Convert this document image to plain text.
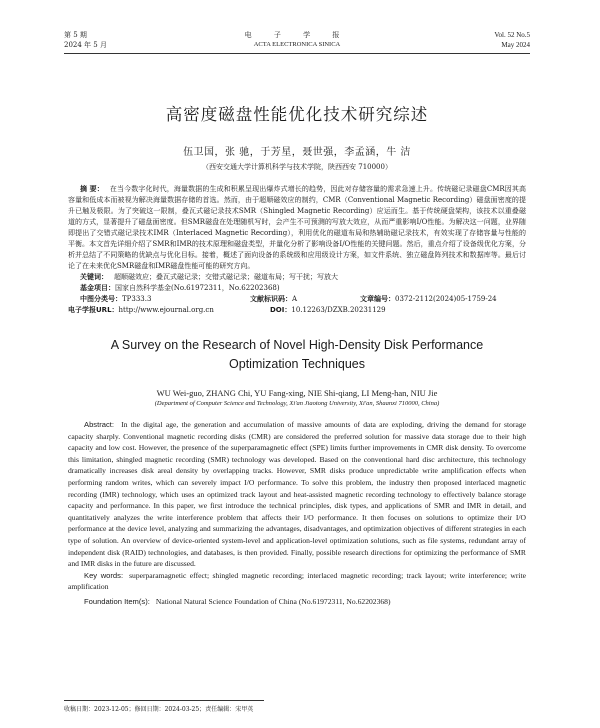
第 5 期
2024 年 5 月
电 子 学 报
ACTA ELECTRONICA SINICA
Vol. 52 No.5
May 2024
高密度磁盘性能优化技术研究综述
伍卫国，张 驰，于芳星，聂世强，李孟涵，牛 洁
（西安交通大学计算机科学与技术学院，陕西西安 710000）
摘 要： 在当今数字化时代，海量数据的生成和积累呈现出爆炸式增长的趋势，因此对存储容量的需求急速上升。传统磁记录磁盘CMR因其高容量和低成本而被视为解决海量数据存储的首选。然而，由于超顺磁效应的制约，CMR（Conventional Magnetic Recording）磁盘面密度的提升已触及极限。为了突破这一限制，叠瓦式磁记录技术SMR（Shingled Magnetic Recording）应运而生。基于传统硬盘架构，该技术以重叠磁道的方式，显著提升了磁盘面密度。但SMR磁盘在处理随机写时，会产生不可预测的写放大效应，从而严重影响I/O性能。为解决这一问题，业界随即提出了交错式磁记录技术IMR（Interlaced Magnetic Recording），利用优化的磁道布局和热辅助磁记录技术，有效实现了存储容量与性能的平衡。本文首先详细介绍了SMR和IMR的技术原理和磁盘类型，并量化分析了影响设备I/O性能的关键问题。然后，重点介绍了设备级优化方案，分析并总结了不同策略的优缺点与优化目标。接着，概述了面向设备的系统级和应用级设计方案，如文件系统、独立磁盘阵列技术和数据库等。最后讨论了在未来优化SMR磁盘和IMR磁盘性能可能的研究方向。
关键词： 超顺磁效应；叠瓦式磁记录；交错式磁记录；磁道布局；写干扰；写放大
基金项目：国家自然科学基金(No.61972311，No.62202368)
中图分类号：TP333.3	文献标识码：A	文章编号：0372-2112(2024)05-1759-24
电子学报URL：http://www.ejournal.org.cn	DOI：10.12263/DZXB.20231129
A Survey on the Research of Novel High-Density Disk Performance Optimization Techniques
WU Wei-guo, ZHANG Chi, YU Fang-xing, NIE Shi-qiang, LI Meng-han, NIU Jie
(Department of Computer Science and Technology, Xi'an Jiaotong University, Xi'an, Shaanxi 710000, China)
Abstract: In the digital age, the generation and accumulation of massive amounts of data are exploding, driving the demand for storage capacity sharply. Conventional magnetic recording disks (CMR) are considered the preferred solution for massive data storage due to their high capacity and low cost. However, the presence of the superparamagnetic effect (SPE) limits further improvements in CMR disk density. To overcome this limitation, shingled magnetic recording (SMR) technology was developed. Based on the conventional hard disc architecture, this technology dramatically increases disk areal density by overlapping tracks. However, SMR disks produce unpredictable write amplification effects when performing random writes, which can severely impact I/O performance. To solve this problem, the industry then proposed interlaced magnetic recording (IMR) technology, which uses an optimized track layout and heat-assisted magnetic recording technology to effectively balance storage capacity and performance. In this paper, we first introduce the technical principles, disk types, and applications of SMR and IMR in detail, and quantitatively analyzes the write interference problem that affects their I/O performance. It then focuses on solutions to optimize their I/O performance at the device level, analyzing and summarizing the advantages, disadvantages, and optimization objectives of different strategies in each type of solution. An overview of device-oriented system-level and application-level optimization solutions, such as file systems, redundant array of independent disk (RAID) technologies, and databases, is then provided. Finally, possible research directions for optimizing the performance of SMR and IMR disks in the future are discussed.
Key words: superparamagnetic effect; shingled magnetic recording; interlaced magnetic recording; track layout; write interference; write amplification
Foundation Item(s): National Natural Science Foundation of China (No.61972311, No.62202368)
收稿日期：2023-12-05；修回日期：2024-03-25；责任编辑：宋甲英
